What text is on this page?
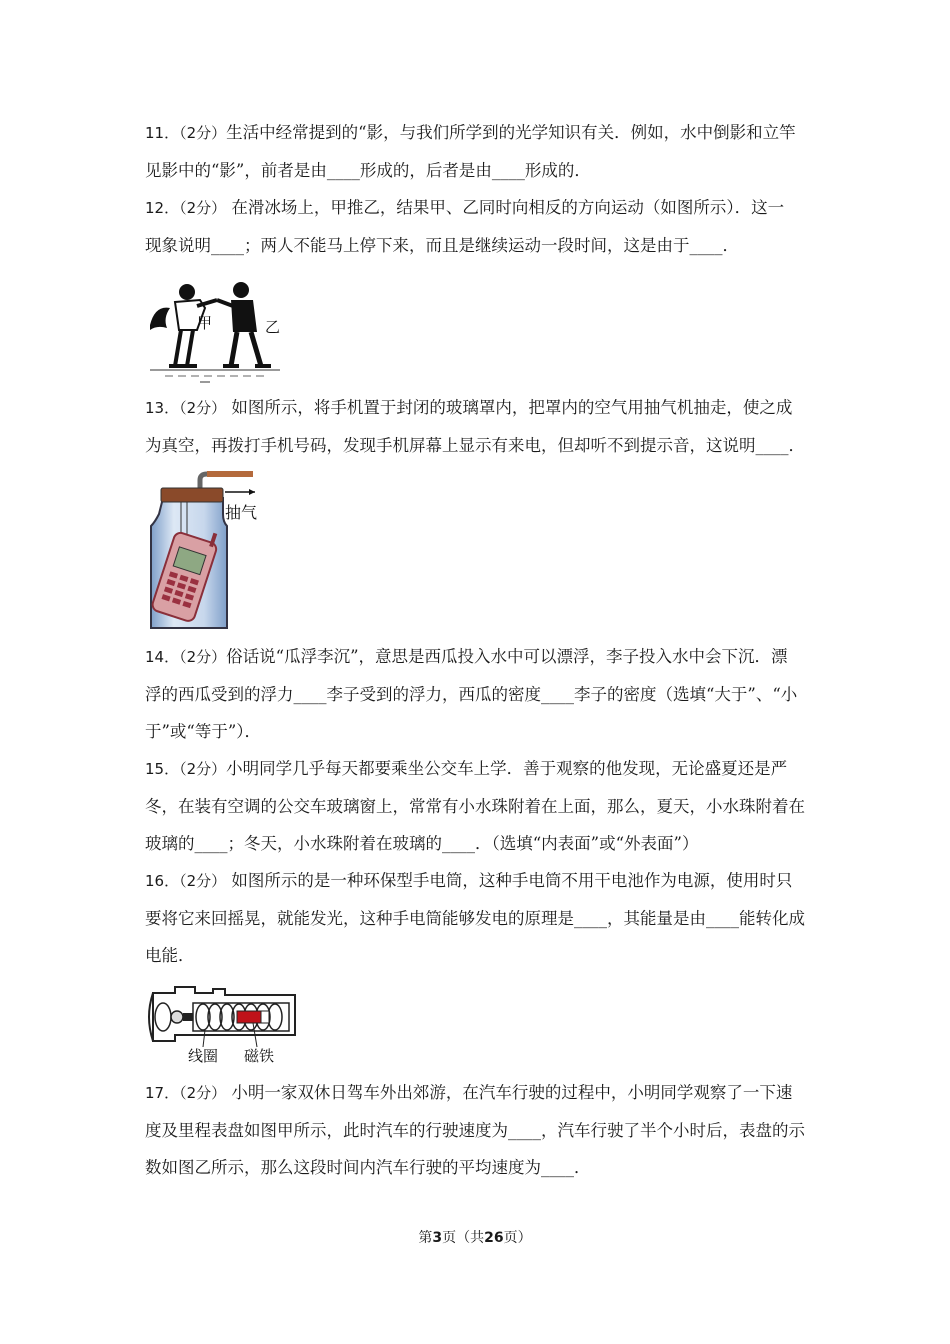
11．（2分）生活中经常提到的“影，与我们所学到的光学知识有关．例如，水中倒影和立竿
见影中的“影”，前者是由____形成的，后者是由____形成的．
12．（2分） 在滑冰场上，甲推乙，结果甲、乙同时向相反的方向运动（如图所示）．这一
现象说明____；两人不能马上停下来，而且是继续运动一段时间，这是由于____．
甲	乙
13．（2分） 如图所示，将手机置于封闭的玻璃罩内，把罩内的空气用抽气机抽走，使之成
为真空，再拨打手机号码，发现手机屏幕上显示有来电，但却听不到提示音，这说明____．
抽气
14．（2分）俗话说“瓜浮李沉”，意思是西瓜投入水中可以漂浮，李子投入水中会下沉．漂
浮的西瓜受到的浮力____李子受到的浮力，西瓜的密度____李子的密度（选填“大于”、“小
于”或“等于”）．
15．（2分）小明同学几乎每天都要乘坐公交车上学．善于观察的他发现，无论盛夏还是严
冬，在装有空调的公交车玻璃窗上，常常有小水珠附着在上面，那么，夏天，小水珠附着在
玻璃的____；冬天，小水珠附着在玻璃的____．（选填“内表面”或“外表面”）
16．（2分） 如图所示的是一种环保型手电筒，这种手电筒不用干电池作为电源，使用时只
要将它来回摇晃，就能发光，这种手电筒能够发电的原理是____，其能量是由____能转化成
电能．
线圈 磁铁
17．（2分） 小明一家双休日驾车外出郊游，在汽车行驶的过程中，小明同学观察了一下速
度及里程表盘如图甲所示，此时汽车的行驶速度为____，汽车行驶了半个小时后，表盘的示
数如图乙所示，那么这段时间内汽车行驶的平均速度为____．
第3页（共26页）
